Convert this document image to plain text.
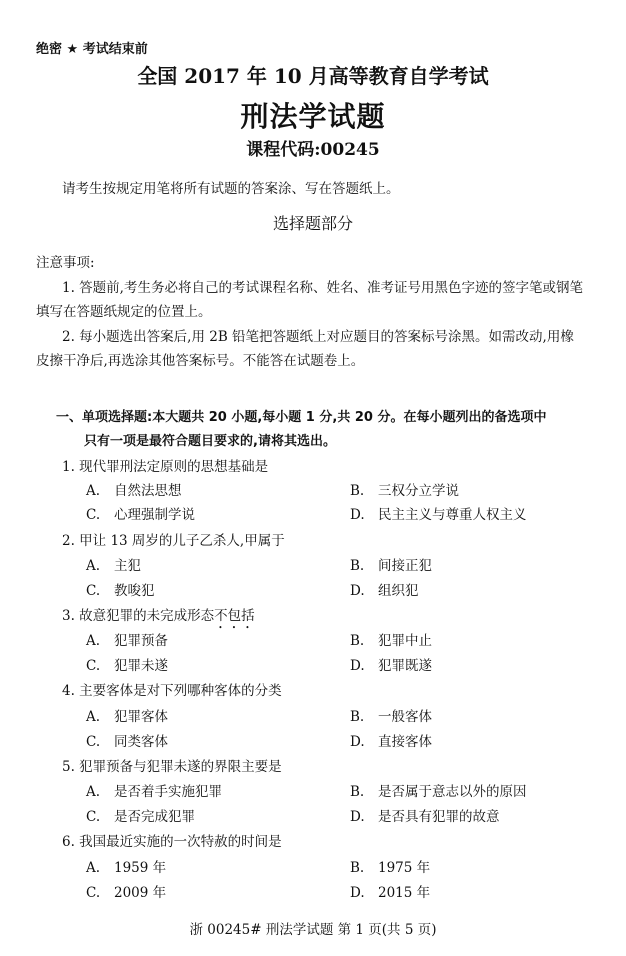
绝密 ★ 考试结束前
全国 2017 年 10 月高等教育自学考试
刑法学试题
课程代码:00245
请考生按规定用笔将所有试题的答案涂、写在答题纸上。
选择题部分
注意事项:
1. 答题前,考生务必将自己的考试课程名称、姓名、准考证号用黑色字迹的签字笔或钢笔
填写在答题纸规定的位置上。
2. 每小题选出答案后,用 2B 铅笔把答题纸上对应题目的答案标号涂黑。如需改动,用橡
皮擦干净后,再选涂其他答案标号。不能答在试题卷上。
一、单项选择题:本大题共 20 小题,每小题 1 分,共 20 分。在每小题列出的备选项中
只有一项是最符合题目要求的,请将其选出。
1. 现代罪刑法定原则的思想基础是
A. 自然法思想	B. 三权分立学说
C. 心理强制学说	D. 民主主义与尊重人权主义
2. 甲让 13 周岁的儿子乙杀人,甲属于
A. 主犯	B. 间接正犯
C. 教唆犯	D. 组织犯
3. 故意犯罪的未完成形态不包括
A. 犯罪预备	B. 犯罪中止
C. 犯罪未遂	D. 犯罪既遂
4. 主要客体是对下列哪种客体的分类
A. 犯罪客体	B. 一般客体
C. 同类客体	D. 直接客体
5. 犯罪预备与犯罪未遂的界限主要是
A. 是否着手实施犯罪	B. 是否属于意志以外的原因
C. 是否完成犯罪	D. 是否具有犯罪的故意
6. 我国最近实施的一次特赦的时间是
A. 1959 年	B. 1975 年
C. 2009 年	D. 2015 年
浙 00245# 刑法学试题 第 1 页(共 5 页)
